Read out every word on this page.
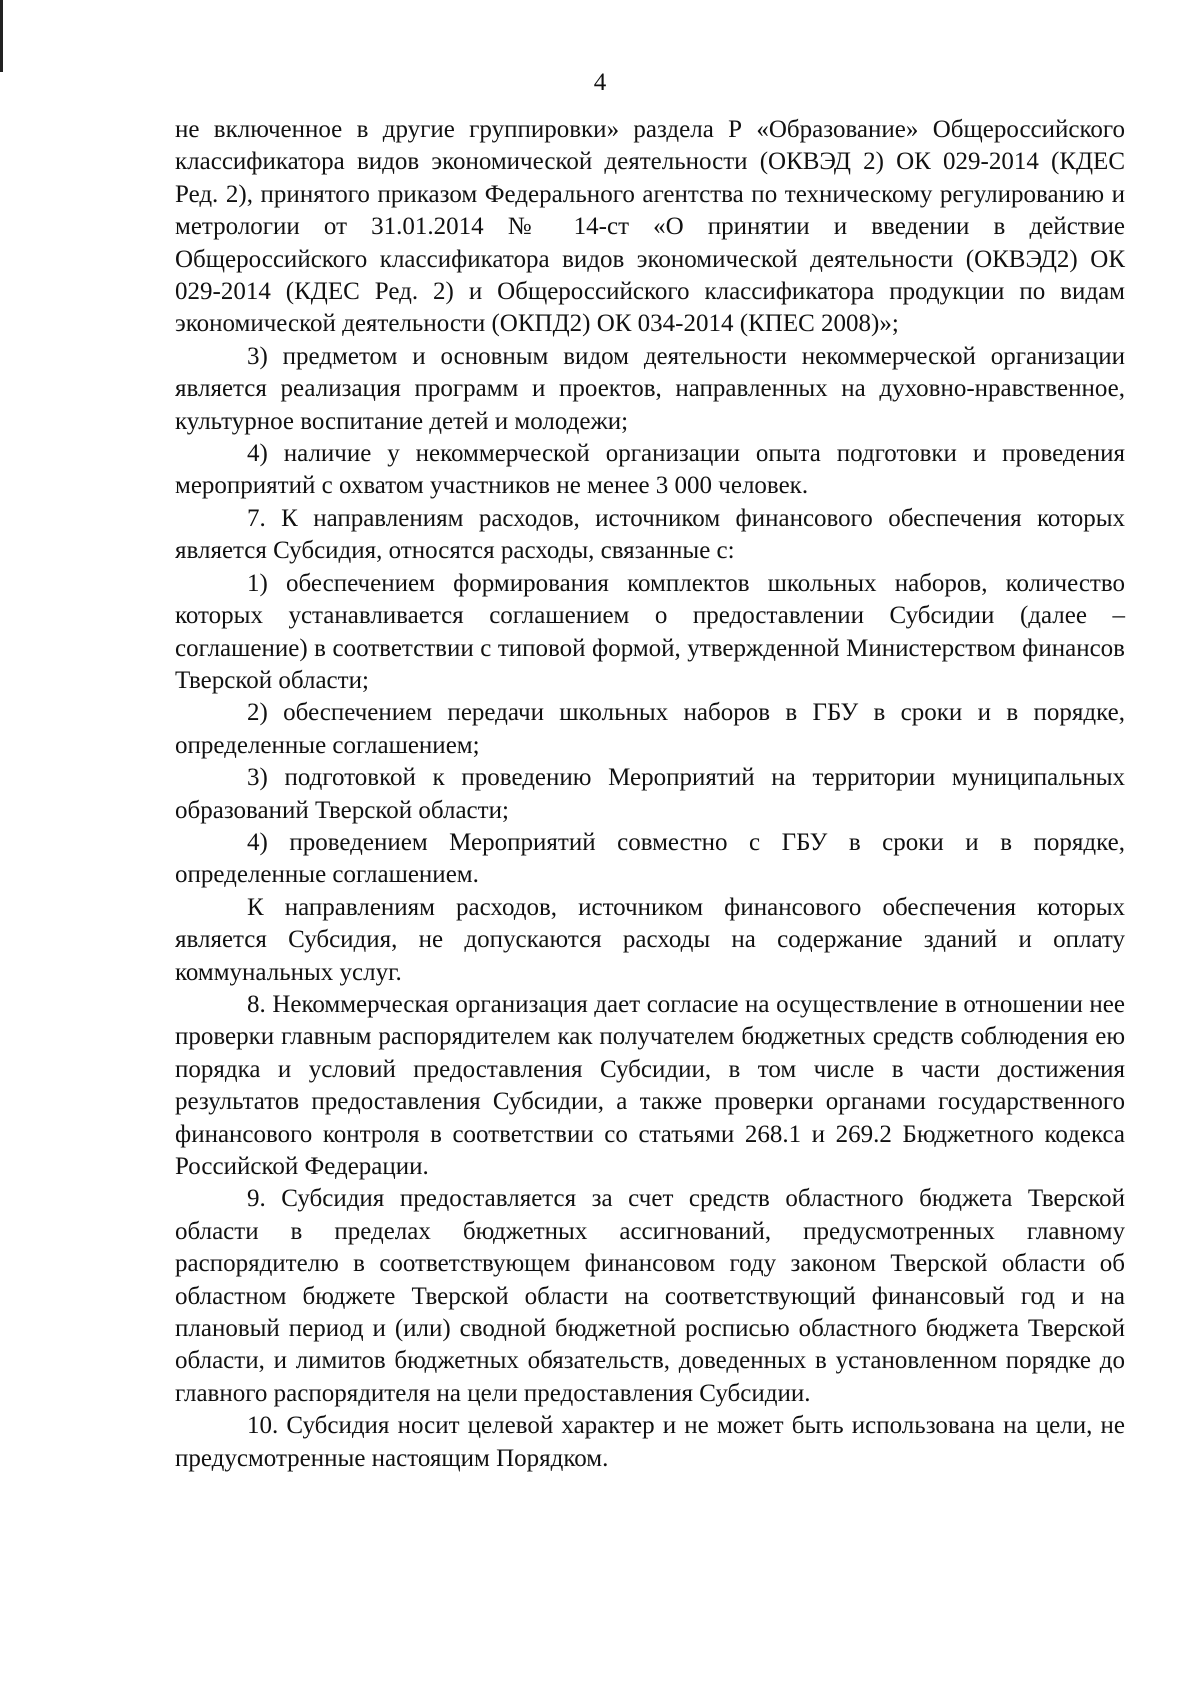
4

не включенное в другие группировки» раздела Р «Образование» Общероссийского классификатора видов экономической деятельности (ОКВЭД 2) ОК 029-2014 (КДЕС Ред. 2), принятого приказом Федерального агентства по техническому регулированию и метрологии от 31.01.2014 № 14-ст «О принятии и введении в действие Общероссийского классификатора видов экономической деятельности (ОКВЭД2) ОК 029-2014 (КДЕС Ред. 2) и Общероссийского классификатора продукции по видам экономической деятельности (ОКПД2) ОК 034-2014 (КПЕС 2008)»;

3) предметом и основным видом деятельности некоммерческой организации является реализация программ и проектов, направленных на духовно-нравственное, культурное воспитание детей и молодежи;

4) наличие у некоммерческой организации опыта подготовки и проведения мероприятий с охватом участников не менее 3 000 человек.

7. К направлениям расходов, источником финансового обеспечения которых является Субсидия, относятся расходы, связанные с:

1) обеспечением формирования комплектов школьных наборов, количество которых устанавливается соглашением о предоставлении Субсидии (далее – соглашение) в соответствии с типовой формой, утвержденной Министерством финансов Тверской области;

2) обеспечением передачи школьных наборов в ГБУ в сроки и в порядке, определенные соглашением;

3) подготовкой к проведению Мероприятий на территории муниципальных образований Тверской области;

4) проведением Мероприятий совместно с ГБУ в сроки и в порядке, определенные соглашением.

К направлениям расходов, источником финансового обеспечения которых является Субсидия, не допускаются расходы на содержание зданий и оплату коммунальных услуг.

8. Некоммерческая организация дает согласие на осуществление в отношении нее проверки главным распорядителем как получателем бюджетных средств соблюдения ею порядка и условий предоставления Субсидии, в том числе в части достижения результатов предоставления Субсидии, а также проверки органами государственного финансового контроля в соответствии со статьями 268.1 и 269.2 Бюджетного кодекса Российской Федерации.

9. Субсидия предоставляется за счет средств областного бюджета Тверской области в пределах бюджетных ассигнований, предусмотренных главному распорядителю в соответствующем финансовом году законом Тверской области об областном бюджете Тверской области на соответствующий финансовый год и на плановый период и (или) сводной бюджетной росписью областного бюджета Тверской области, и лимитов бюджетных обязательств, доведенных в установленном порядке до главного распорядителя на цели предоставления Субсидии.

10. Субсидия носит целевой характер и не может быть использована на цели, не предусмотренные настоящим Порядком.
